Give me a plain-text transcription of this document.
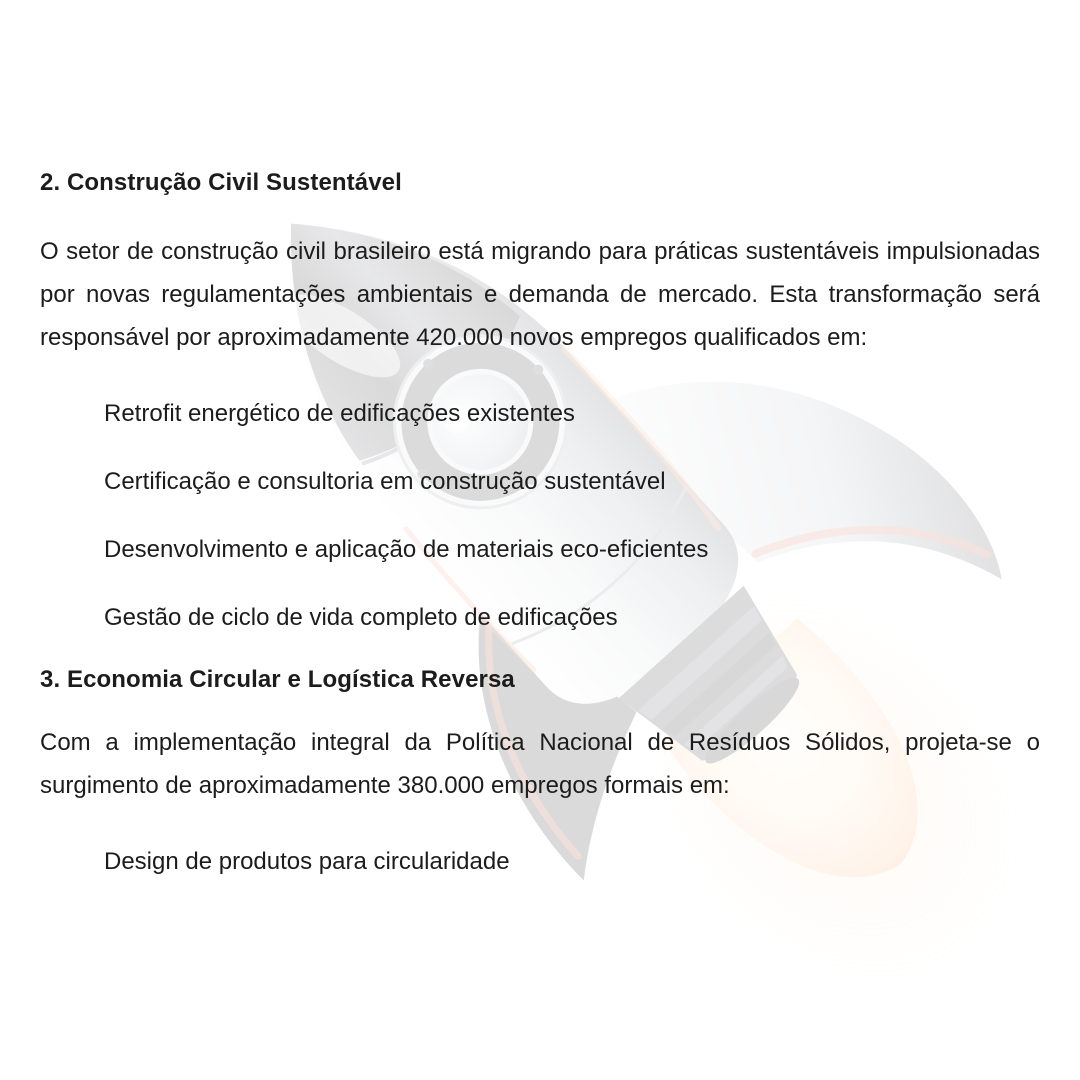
2. Construção Civil Sustentável

O setor de construção civil brasileiro está migrando para práticas sustentáveis impulsionadas por novas regulamentações ambientais e demanda de mercado. Esta transformação será responsável por aproximadamente 420.000 novos empregos qualificados em:

Retrofit energético de edificações existentes

Certificação e consultoria em construção sustentável

Desenvolvimento e aplicação de materiais eco-eficientes

Gestão de ciclo de vida completo de edificações

3. Economia Circular e Logística Reversa

Com a implementação integral da Política Nacional de Resíduos Sólidos, projeta-se o surgimento de aproximadamente 380.000 empregos formais em:

Design de produtos para circularidade
